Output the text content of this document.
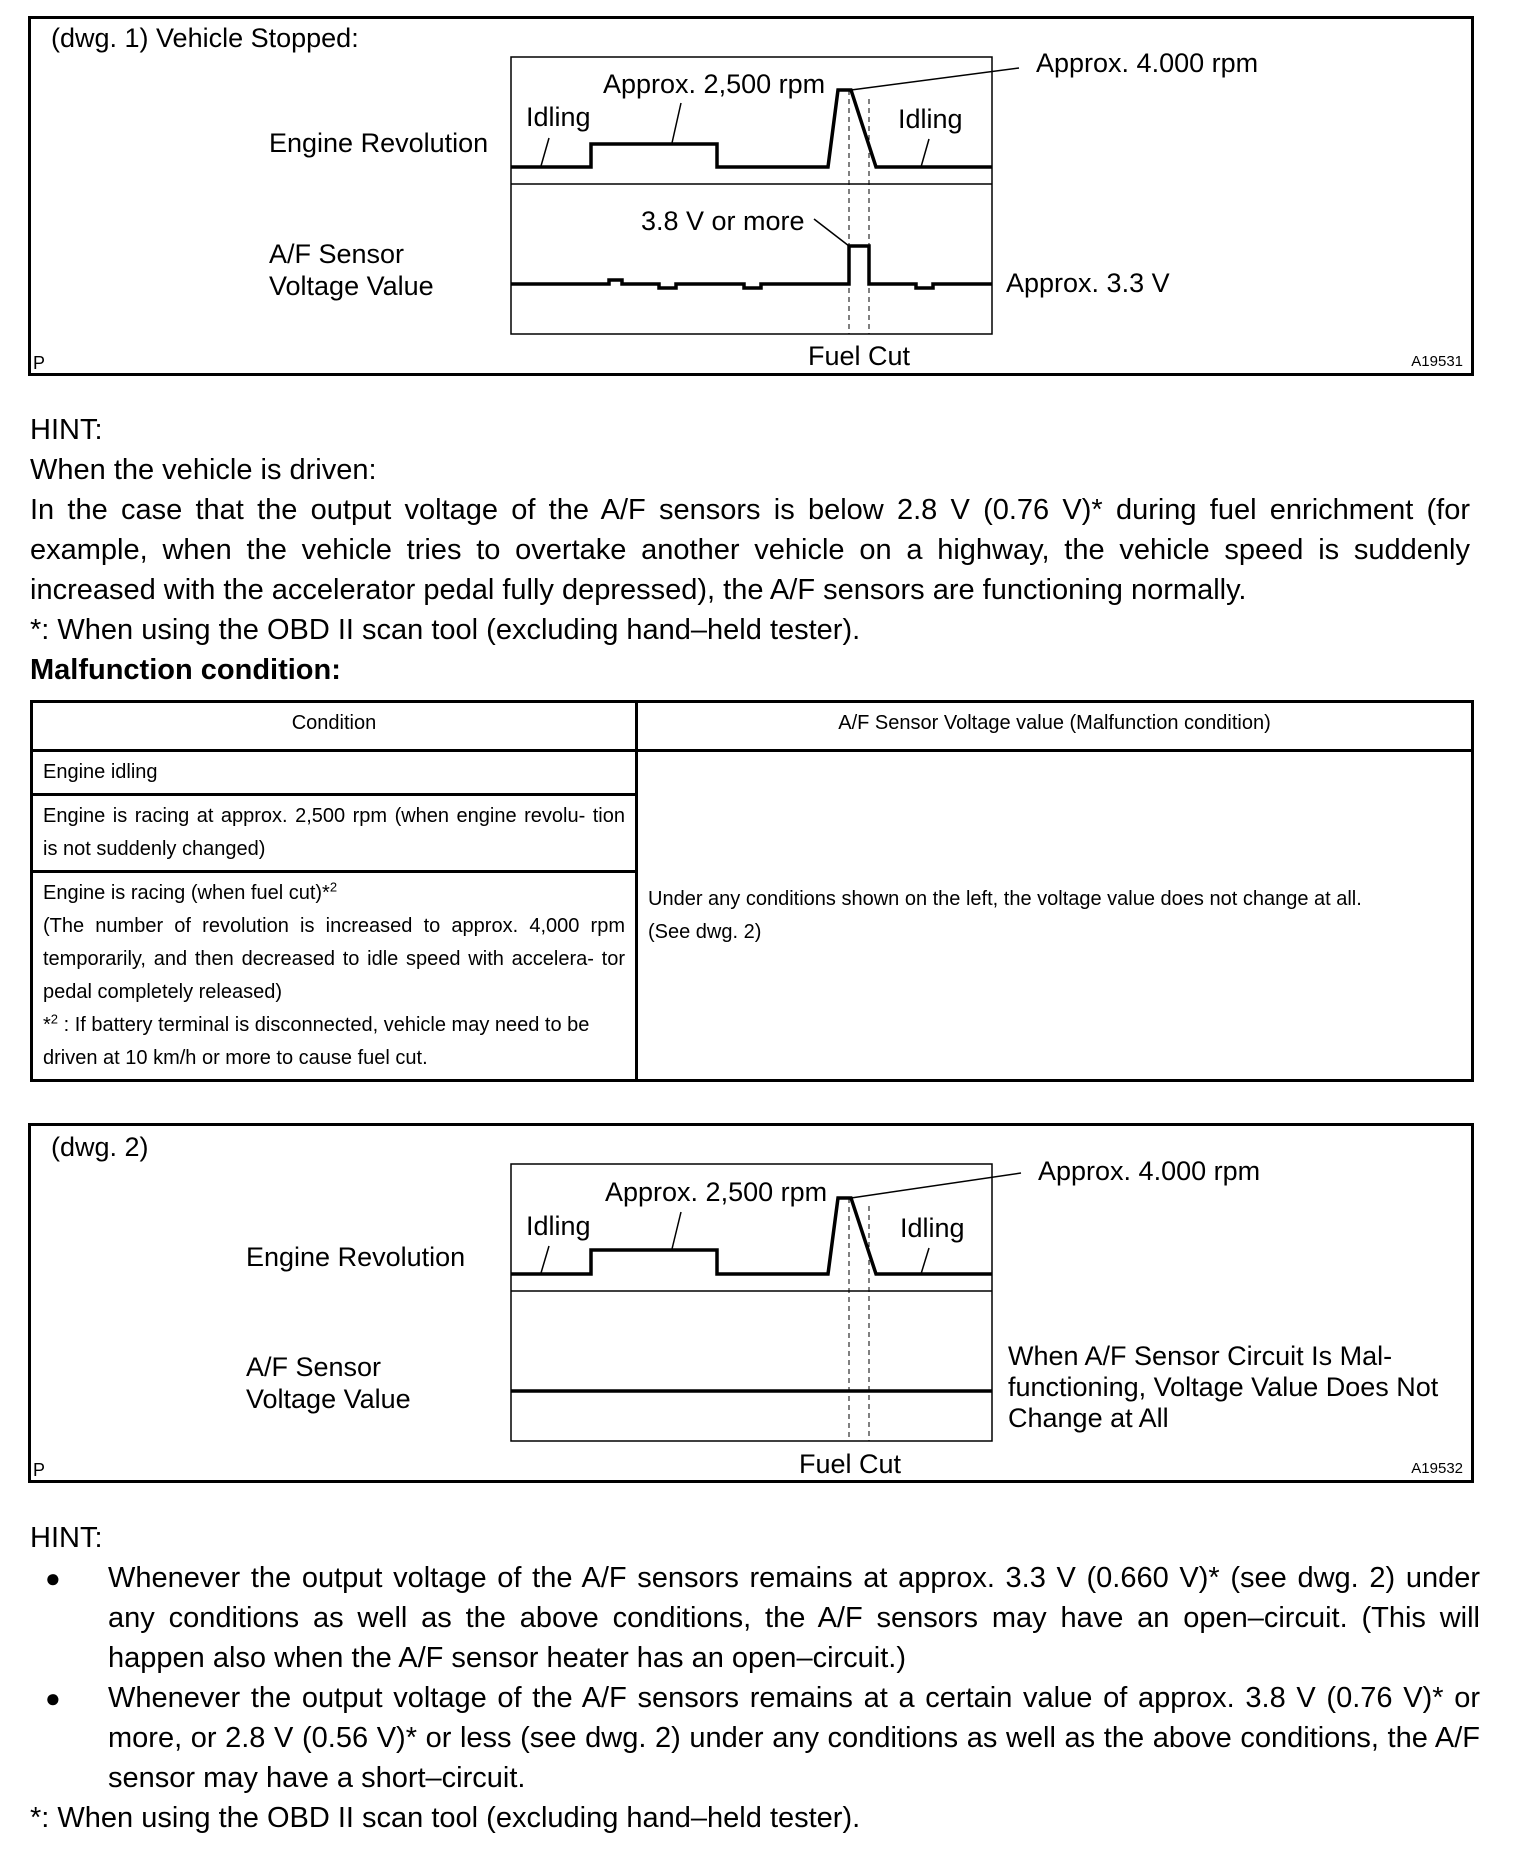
(dwg. 1) Vehicle Stopped:
Engine Revolution
A/F Sensor
Voltage Value
Idling
Approx. 2,500 rpm
Approx. 4.000 rpm
Idling
3.8 V or more
Approx. 3.3 V
Fuel Cut
P	A19531
HINT:
When the vehicle is driven:
In the case that the output voltage of the A/F sensors is below 2.8 V (0.76 V)* during fuel enrichment (for example, when the vehicle tries to overtake another vehicle on a highway, the vehicle speed is suddenly increased with the accelerator pedal fully depressed), the A/F sensors are functioning normally.
*: When using the OBD II scan tool (excluding hand–held tester).
Malfunction condition:
Condition	A/F Sensor Voltage value (Malfunction condition)
Engine idling	Under any conditions shown on the left, the voltage value does not change at all.
(See dwg. 2)

Engine is racing at approx. 2,500 rpm (when engine revolu- tion is not suddenly changed)	

Engine is racing (when fuel cut)*$^2$
(The number of revolution is increased to approx. 4,000 rpm temporarily, and then decreased to idle speed with accelera- tor pedal completely released)
*$^2$ : If battery terminal is disconnected, vehicle may need to be driven at 10 km/h or more to cause fuel cut.	
(dwg. 2)
Engine Revolution
A/F Sensor
Voltage Value
Idling
Approx. 2,500 rpm
Approx. 4.000 rpm
Idling
When A/F Sensor Circuit Is Mal-
functioning, Voltage Value Does Not
Change at All
Fuel Cut
P	A19532
HINT:
● Whenever the output voltage of the A/F sensors remains at approx. 3.3 V (0.660 V)* (see dwg. 2) under any conditions as well as the above conditions, the A/F sensors may have an open–circuit. (This will happen also when the A/F sensor heater has an open–circuit.)
● Whenever the output voltage of the A/F sensors remains at a certain value of approx. 3.8 V (0.76 V)* or more, or 2.8 V (0.56 V)* or less (see dwg. 2) under any conditions as well as the above conditions, the A/F sensor may have a short–circuit.
*: When using the OBD II scan tool (excluding hand–held tester).
